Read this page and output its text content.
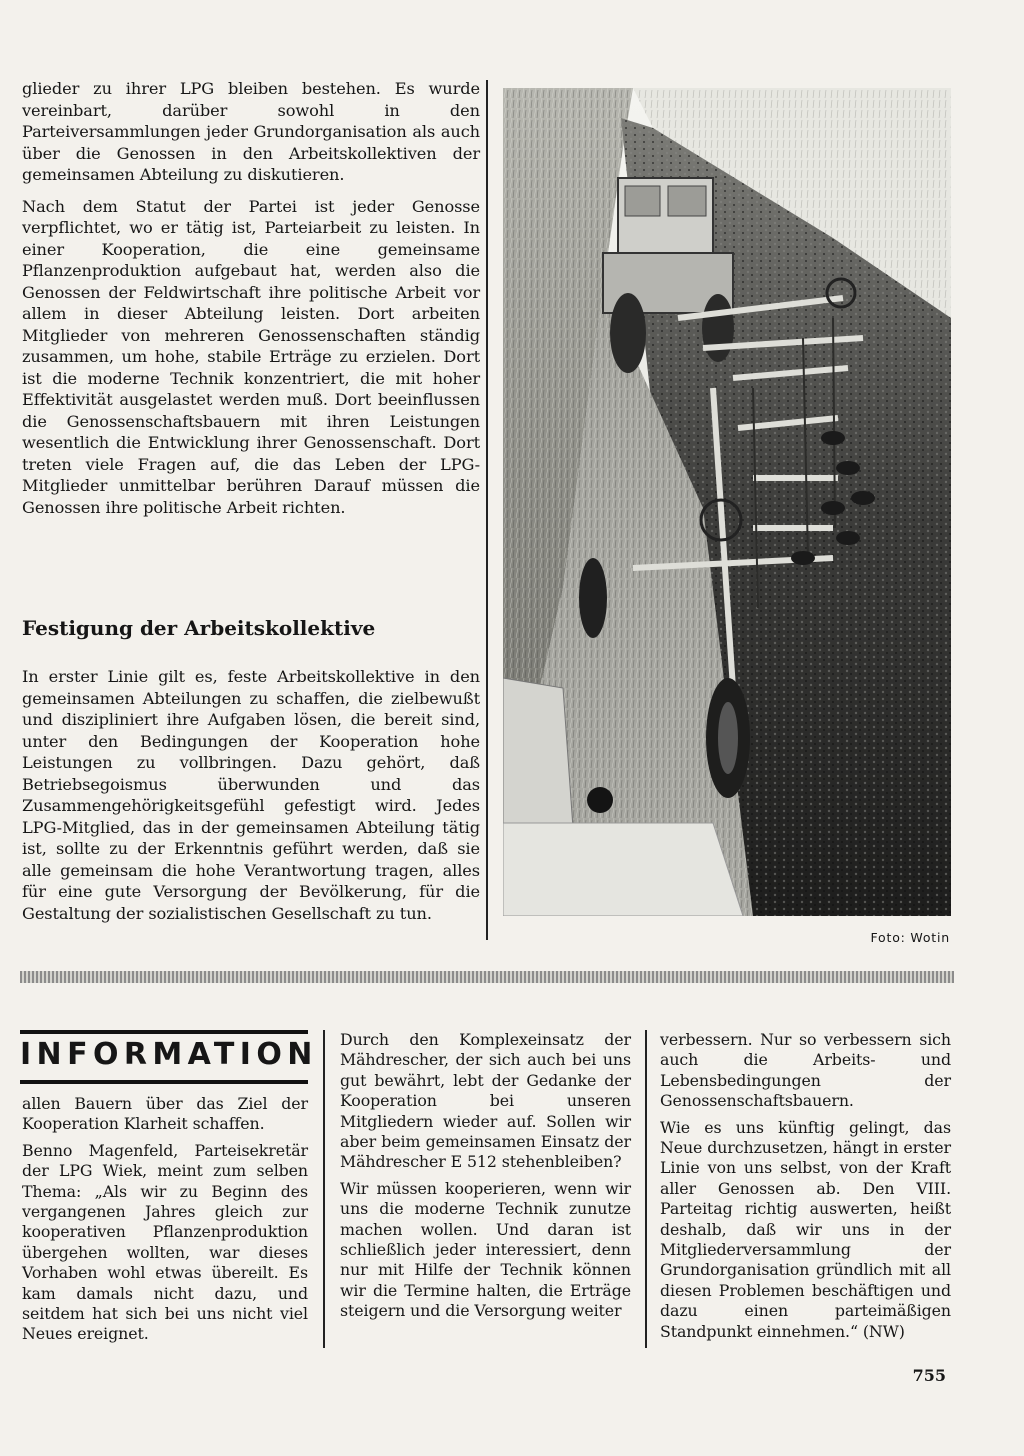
glieder zu ihrer LPG bleiben bestehen. Es wurde vereinbart, darüber sowohl in den Parteiversammlungen jeder Grundorganisation als auch über die Genossen in den Arbeitskollektiven der gemeinsamen Abteilung zu diskutieren.

Nach dem Statut der Partei ist jeder Genosse verpflichtet, wo er tätig ist, Parteiarbeit zu leisten. In einer Kooperation, die eine gemeinsame Pflanzenproduktion aufgebaut hat, werden also die Genossen der Feldwirtschaft ihre politische Arbeit vor allem in dieser Abteilung leisten. Dort arbeiten Mitglieder von mehreren Genossenschaften ständig zusammen, um hohe, stabile Erträge zu erzielen. Dort ist die moderne Technik konzentriert, die mit hoher Effektivität ausgelastet werden muß. Dort beeinflussen die Genossenschaftsbauern mit ihren Leistungen wesentlich die Entwicklung ihrer Genossenschaft. Dort treten viele Fragen auf, die das Leben der LPG-Mitglieder unmittelbar berühren Darauf müssen die Genossen ihre politische Arbeit richten.

Foto: Wotin
Festigung der Arbeitskollektive

In erster Linie gilt es, feste Arbeitskollektive in den gemeinsamen Abteilungen zu schaffen, die zielbewußt und diszipliniert ihre Aufgaben lösen, die bereit sind, unter den Bedingungen der Kooperation hohe Leistungen zu vollbringen. Dazu gehört, daß Betriebsegoismus überwunden und das Zusammengehörigkeitsgefühl gefestigt wird. Jedes LPG-Mitglied, das in der gemeinsamen Abteilung tätig ist, sollte zu der Erkenntnis geführt werden, daß sie alle gemeinsam die hohe Verantwortung tragen, alles für eine gute Versorgung der Bevölkerung, für die Gestaltung der sozialistischen Gesellschaft zu tun.

INFORMATION

allen Bauern über das Ziel der Kooperation Klarheit schaffen.

Benno Magenfeld, Parteisekretär der LPG Wiek, meint zum selben Thema: „Als wir zu Beginn des vergangenen Jahres gleich zur kooperativen Pflanzenproduktion übergehen wollten, war dieses Vorhaben wohl etwas übereilt. Es kam damals nicht dazu, und seitdem hat sich bei uns nicht viel Neues ereignet.

Durch den Komplexeinsatz der Mähdrescher, der sich auch bei uns gut bewährt, lebt der Gedanke der Kooperation bei unseren Mitgliedern wieder auf. Sollen wir aber beim gemeinsamen Einsatz der Mähdrescher E 512 stehenbleiben?

Wir müssen kooperieren, wenn wir uns die moderne Technik zunutze machen wollen. Und daran ist schließlich jeder interessiert, denn nur mit Hilfe der Technik können wir die Termine halten, die Erträge steigern und die Versorgung weiter

verbessern. Nur so verbessern sich auch die Arbeits- und Lebensbedingungen der Genossenschaftsbauern.

Wie es uns künftig gelingt, das Neue durchzusetzen, hängt in erster Linie von uns selbst, von der Kraft aller Genossen ab. Den VIII. Parteitag richtig auswerten, heißt deshalb, daß wir uns in der Mitgliederversammlung der Grundorganisation gründlich mit all diesen Problemen beschäftigen und dazu einen parteimäßigen Standpunkt einnehmen.“ (NW)

755
